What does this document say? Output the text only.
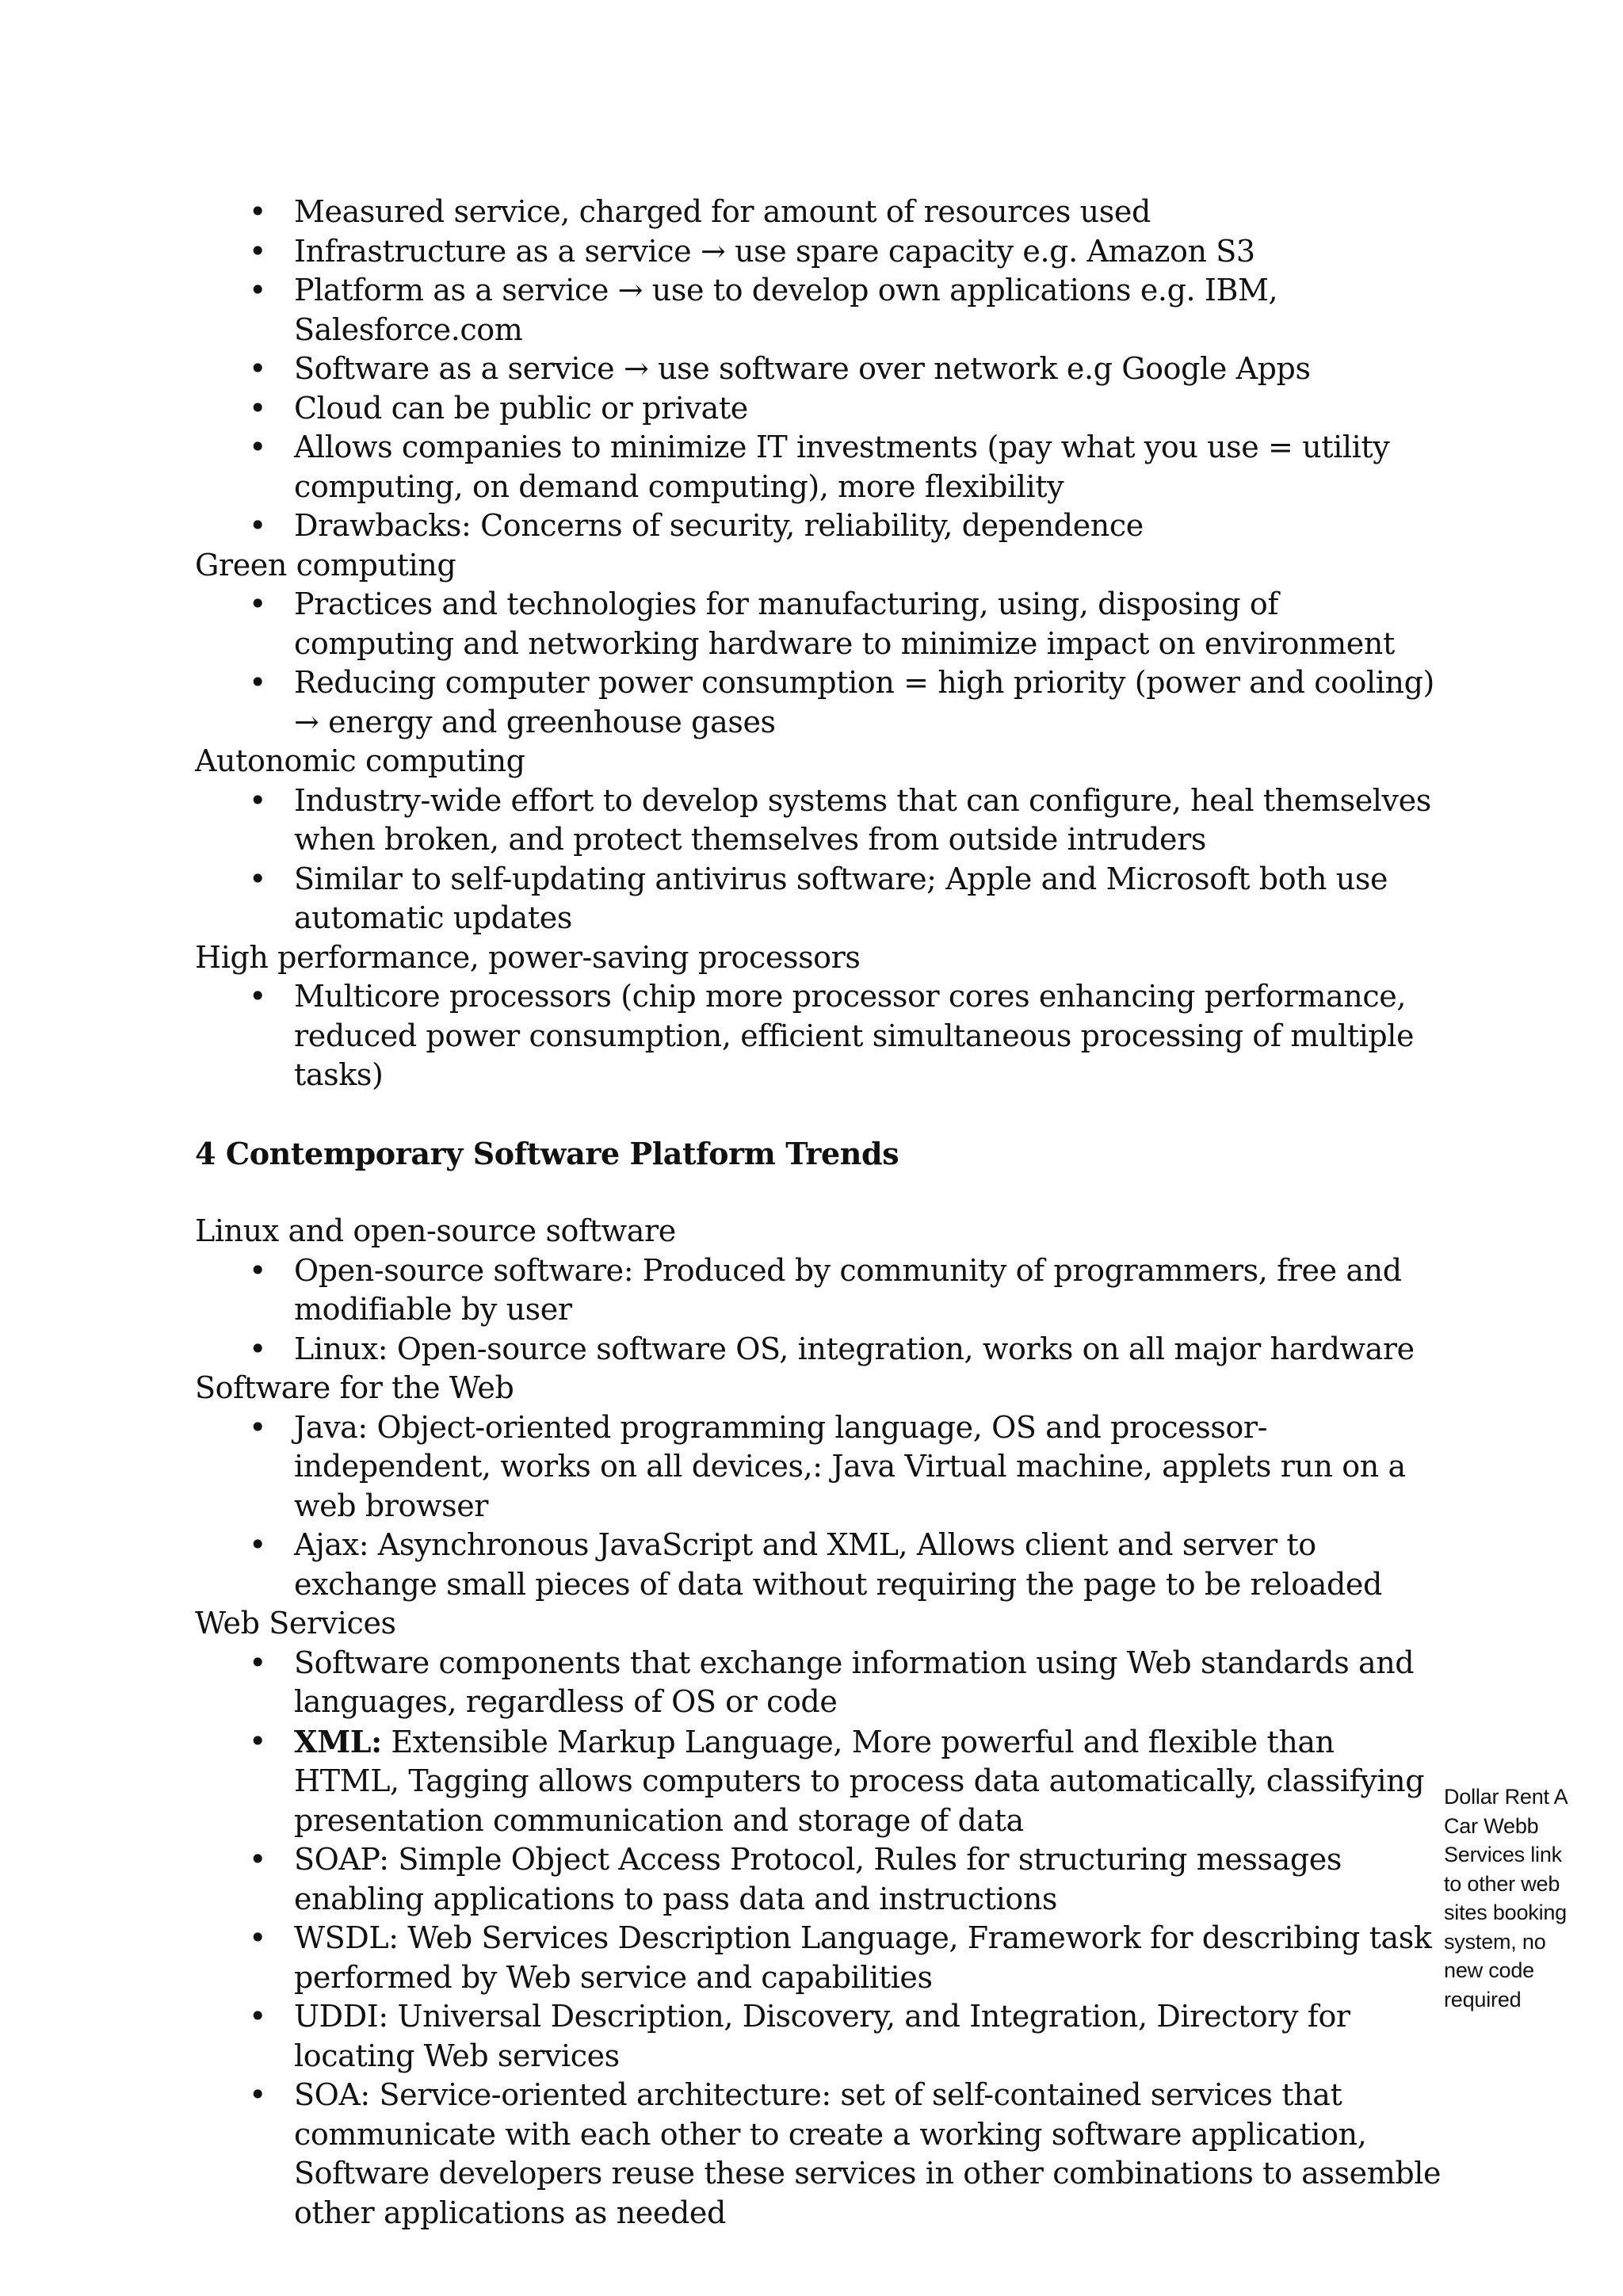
• Measured service, charged for amount of resources used
• Infrastructure as a service → use spare capacity e.g. Amazon S3
• Platform as a service → use to develop own applications e.g. IBM, Salesforce.com
• Software as a service → use software over network e.g Google Apps
• Cloud can be public or private
• Allows companies to minimize IT investments (pay what you use = utility computing, on demand computing), more flexibility
• Drawbacks: Concerns of security, reliability, dependence
Green computing
• Practices and technologies for manufacturing, using, disposing of computing and networking hardware to minimize impact on environment
• Reducing computer power consumption = high priority (power and cooling) → energy and greenhouse gases
Autonomic computing
• Industry-wide effort to develop systems that can configure, heal themselves when broken, and protect themselves from outside intruders
• Similar to self-updating antivirus software; Apple and Microsoft both use automatic updates
High performance, power-saving processors
• Multicore processors (chip more processor cores enhancing performance, reduced power consumption, efficient simultaneous processing of multiple tasks)
4 Contemporary Software Platform Trends
Linux and open-source software
• Open-source software: Produced by community of programmers, free and modifiable by user
• Linux: Open-source software OS, integration, works on all major hardware
Software for the Web
• Java: Object-oriented programming language, OS and processor-independent, works on all devices,: Java Virtual machine, applets run on a web browser
• Ajax: Asynchronous JavaScript and XML, Allows client and server to exchange small pieces of data without requiring the page to be reloaded
Web Services
• Software components that exchange information using Web standards and languages, regardless of OS or code
• XML: Extensible Markup Language, More powerful and flexible than HTML, Tagging allows computers to process data automatically, classifying presentation communication and storage of data
• SOAP: Simple Object Access Protocol, Rules for structuring messages enabling applications to pass data and instructions
• WSDL: Web Services Description Language, Framework for describing task performed by Web service and capabilities
• UDDI: Universal Description, Discovery, and Integration, Directory for locating Web services
• SOA: Service-oriented architecture: set of self-contained services that communicate with each other to create a working software application, Software developers reuse these services in other combinations to assemble other applications as needed
Dollar Rent A
Car Webb
Services link
to other web
sites booking
system, no
new code
required
